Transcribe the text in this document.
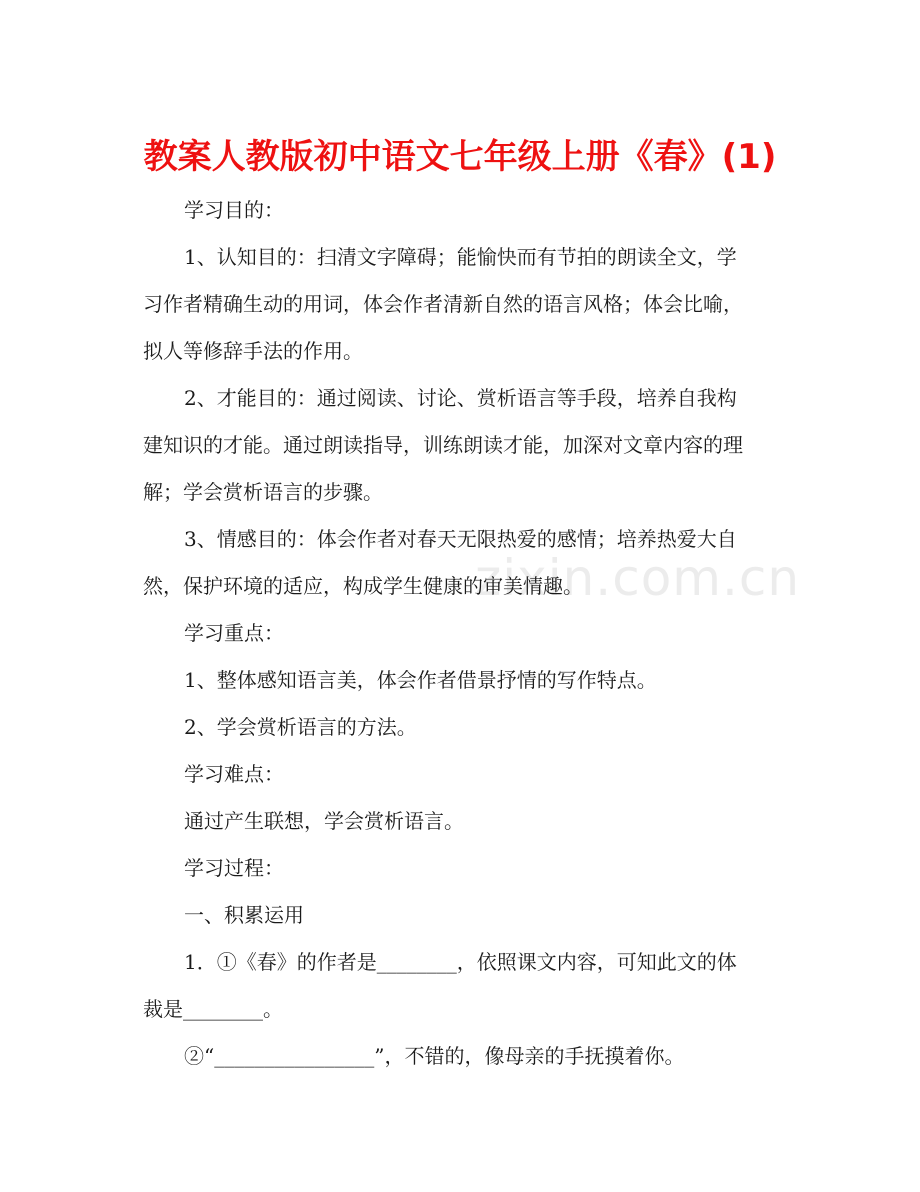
zixin.com.cn
教案人教版初中语文七年级上册《春》(1)
学习目的：
1、认知目的：扫清文字障碍；能愉快而有节拍的朗读全文，学
习作者精确生动的用词，体会作者清新自然的语言风格；体会比喻，
拟人等修辞手法的作用。
2、才能目的：通过阅读、讨论、赏析语言等手段，培养自我构
建知识的才能。通过朗读指导，训练朗读才能，加深对文章内容的理
解；学会赏析语言的步骤。
3、情感目的：体会作者对春天无限热爱的感情；培养热爱大自
然，保护环境的适应，构成学生健康的审美情趣。
学习重点：
1、整体感知语言美，体会作者借景抒情的写作特点。
2、学会赏析语言的方法。
学习难点：
通过产生联想，学会赏析语言。
学习过程：
一、积累运用
1．①《春》的作者是________，依照课文内容，可知此文的体
裁是________。
②“________________”，不错的，像母亲的手抚摸着你。
